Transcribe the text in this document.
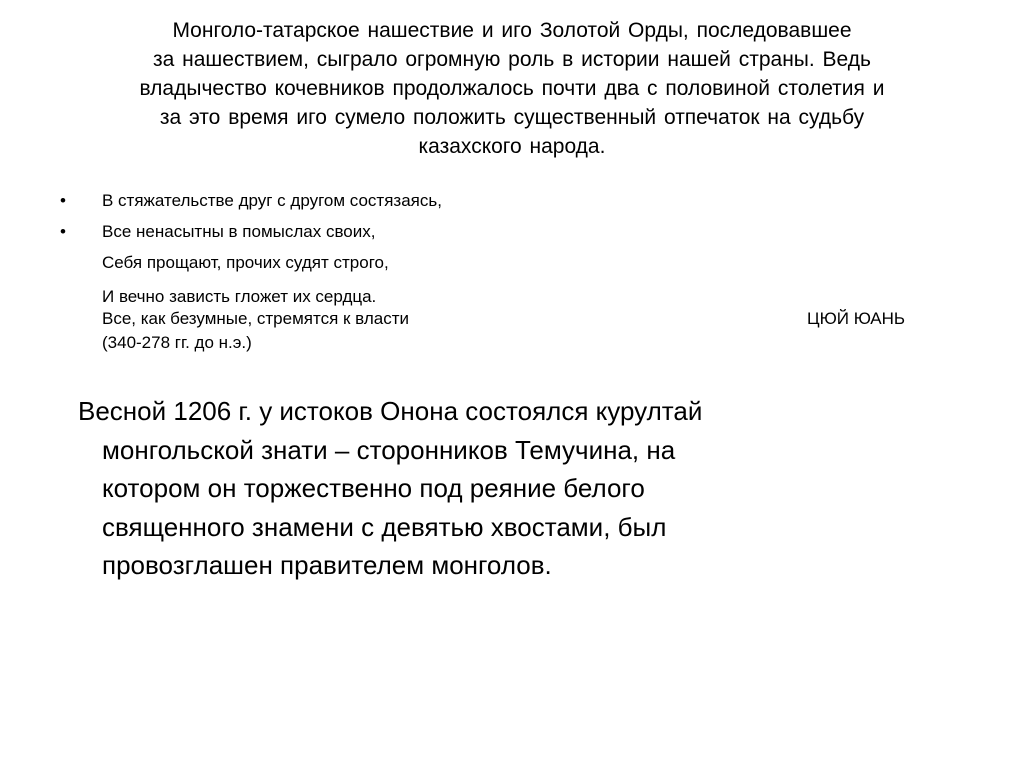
Монголо-татарское нашествие и иго Золотой Орды, последовавшее
за нашествием, сыграло огромную роль в истории нашей страны. Ведь
владычество кочевников продолжалось почти два с половиной столетия и
за это время иго сумело положить существенный отпечаток на судьбу
казахского народа.
• В стяжательстве друг с другом состязаясь,
• Все ненасытны в помыслах своих,
Себя прощают, прочих судят строго,
И вечно зависть гложет их сердца.
Все, как безумные, стремятся к власти	ЦЮЙ ЮАНЬ
(340-278 гг. до н.э.)
Весной 1206 г. у истоков Онона состоялся курултай
монгольской знати – сторонников Темучина, на
котором он торжественно под реяние белого
священного знамени с девятью хвостами, был
провозглашен правителем монголов.
